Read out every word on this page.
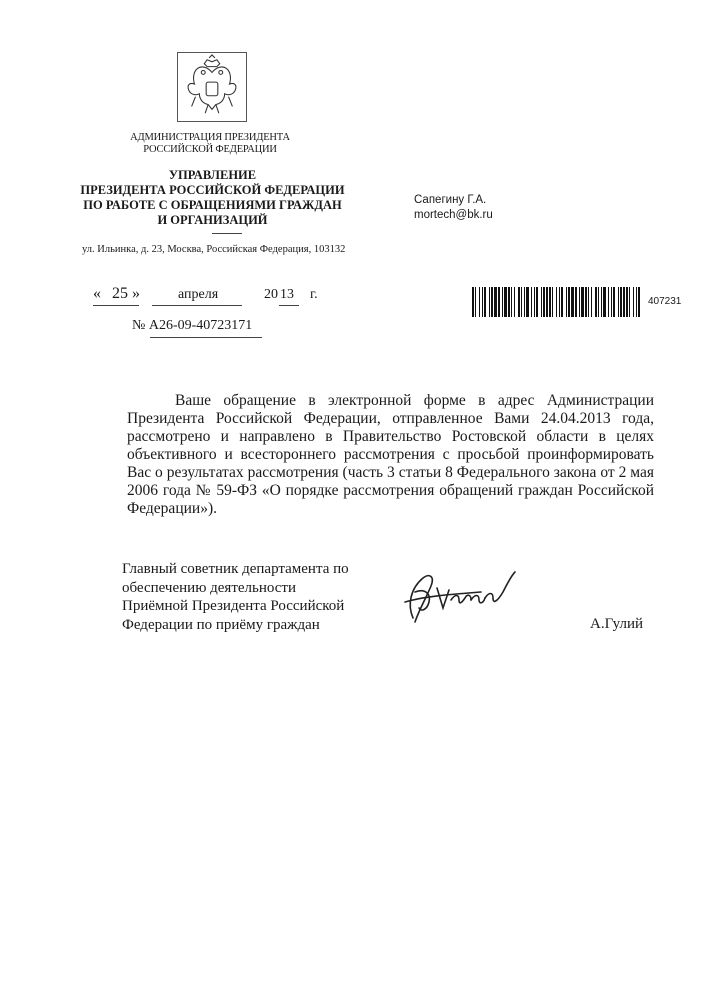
АДМИНИСТРАЦИЯ ПРЕЗИДЕНТА
РОССИЙСКОЙ ФЕДЕРАЦИИ
УПРАВЛЕНИЕ
ПРЕЗИДЕНТА РОССИЙСКОЙ ФЕДЕРАЦИИ
ПО РАБОТЕ С ОБРАЩЕНИЯМИ ГРАЖДАН
И ОРГАНИЗАЦИЙ
ул. Ильинка, д. 23, Москва, Российская Федерация, 103132
Сапегину Г.А.
mortech@bk.ru
« 25 »	апреля	20 13 г.
№ А26-09-40723171
407231

Ваше обращение в электронной форме в адрес Администрации Президента Российской Федерации, отправленное Вами 24.04.2013 года, рассмотрено и направлено в Правительство Ростовской области в целях объективного и всестороннего рассмотрения с просьбой проинформировать Вас о результатах рассмотрения (часть 3 статьи 8 Федерального закона от 2 мая 2006 года № 59-ФЗ «О порядке рассмотрения обращений граждан Российской Федерации»).

Главный советник департамента по
обеспечению деятельности
Приёмной Президента Российской
Федерации по приёму граждан	А.Гулий
